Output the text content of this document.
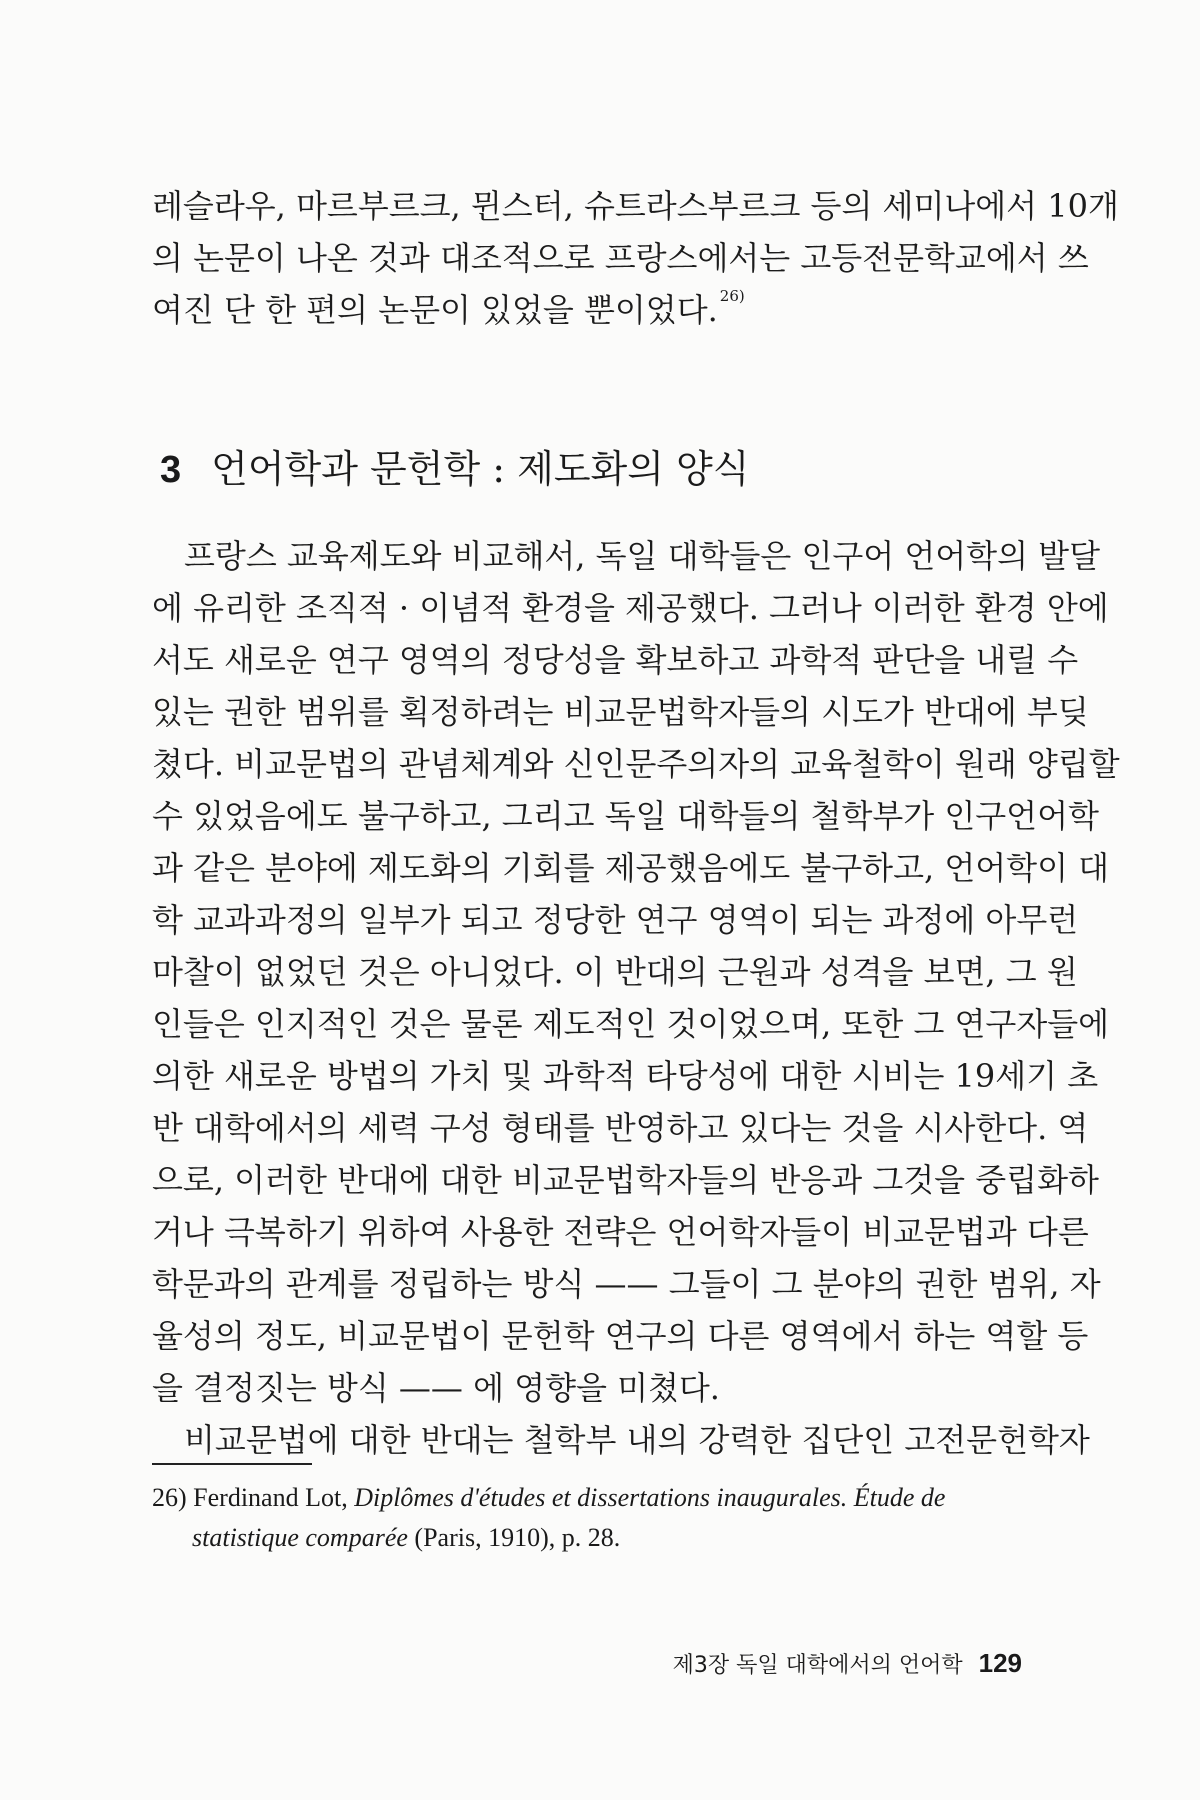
레슬라우, 마르부르크, 뮌스터, 슈트라스부르크 등의 세미나에서 10개
의 논문이 나온 것과 대조적으로 프랑스에서는 고등전문학교에서 쓰
여진 단 한 편의 논문이 있었을 뿐이었다. $^{26)}$
3 언어학과 문헌학 : 제도화의 양식
프랑스 교육제도와 비교해서, 독일 대학들은 인구어 언어학의 발달
에 유리한 조직적 · 이념적 환경을 제공했다. 그러나 이러한 환경 안에
서도 새로운 연구 영역의 정당성을 확보하고 과학적 판단을 내릴 수
있는 권한 범위를 획정하려는 비교문법학자들의 시도가 반대에 부딪
쳤다. 비교문법의 관념체계와 신인문주의자의 교육철학이 원래 양립할
수 있었음에도 불구하고, 그리고 독일 대학들의 철학부가 인구언어학
과 같은 분야에 제도화의 기회를 제공했음에도 불구하고, 언어학이 대
학 교과과정의 일부가 되고 정당한 연구 영역이 되는 과정에 아무런
마찰이 없었던 것은 아니었다. 이 반대의 근원과 성격을 보면, 그 원
인들은 인지적인 것은 물론 제도적인 것이었으며, 또한 그 연구자들에
의한 새로운 방법의 가치 및 과학적 타당성에 대한 시비는 19세기 초
반 대학에서의 세력 구성 형태를 반영하고 있다는 것을 시사한다. 역
으로, 이러한 반대에 대한 비교문법학자들의 반응과 그것을 중립화하
거나 극복하기 위하여 사용한 전략은 언어학자들이 비교문법과 다른
학문과의 관계를 정립하는 방식 —— 그들이 그 분야의 권한 범위, 자
율성의 정도, 비교문법이 문헌학 연구의 다른 영역에서 하는 역할 등
을 결정짓는 방식 —— 에 영향을 미쳤다.
비교문법에 대한 반대는 철학부 내의 강력한 집단인 고전문헌학자
26) Ferdinand Lot, Diplômes d'études et dissertations inaugurales. Étude de
statistique comparée (Paris, 1910), p. 28.
제3장 독일 대학에서의 언어학 129
